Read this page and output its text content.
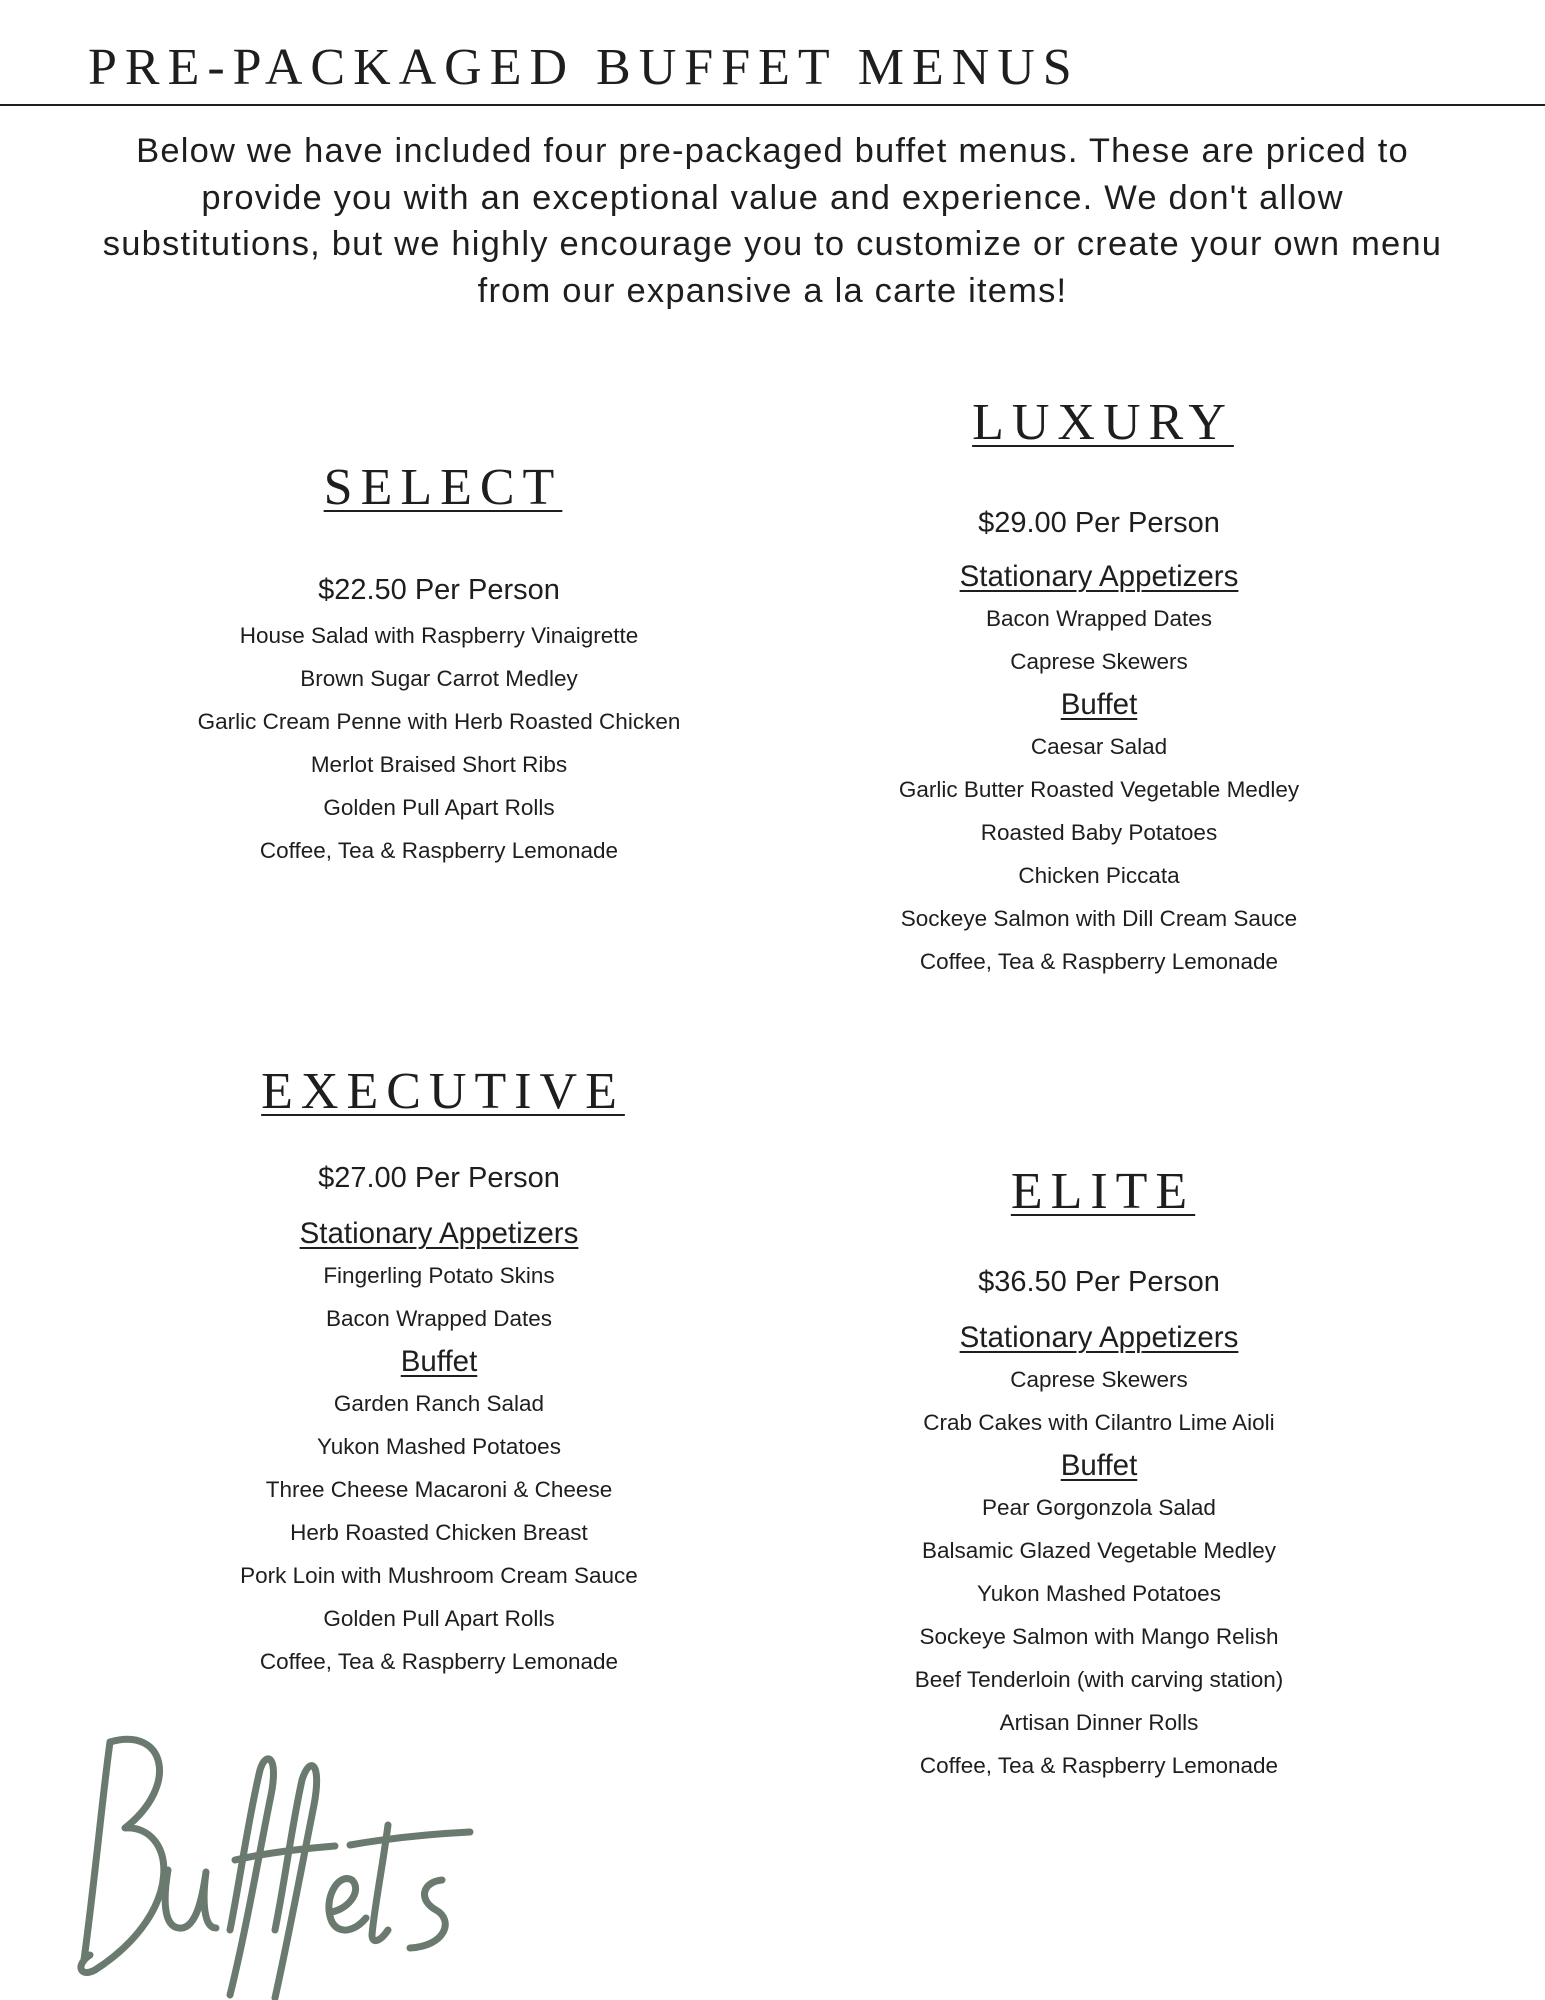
PRE-PACKAGED BUFFET MENUS

Below we have included four pre-packaged buffet menus. These are priced to provide you with an exceptional value and experience. We don't allow substitutions, but we highly encourage you to customize or create your own menu from our expansive a la carte items!

SELECT

$22.50 Per Person

House Salad with Raspberry Vinaigrette
Brown Sugar Carrot Medley
Garlic Cream Penne with Herb Roasted Chicken
Merlot Braised Short Ribs
Golden Pull Apart Rolls
Coffee, Tea & Raspberry Lemonade
LUXURY

$29.00 Per Person

Stationary Appetizers
Bacon Wrapped Dates
Caprese Skewers
Buffet
Caesar Salad
Garlic Butter Roasted Vegetable Medley
Roasted Baby Potatoes
Chicken Piccata
Sockeye Salmon with Dill Cream Sauce
Coffee, Tea & Raspberry Lemonade
EXECUTIVE

$27.00 Per Person

Stationary Appetizers
Fingerling Potato Skins
Bacon Wrapped Dates
Buffet
Garden Ranch Salad
Yukon Mashed Potatoes
Three Cheese Macaroni & Cheese
Herb Roasted Chicken Breast
Pork Loin with Mushroom Cream Sauce
Golden Pull Apart Rolls
Coffee, Tea & Raspberry Lemonade
ELITE

$36.50 Per Person

Stationary Appetizers
Caprese Skewers
Crab Cakes with Cilantro Lime Aioli
Buffet
Pear Gorgonzola Salad
Balsamic Glazed Vegetable Medley
Yukon Mashed Potatoes
Sockeye Salmon with Mango Relish
Beef Tenderloin (with carving station)
Artisan Dinner Rolls
Coffee, Tea & Raspberry Lemonade
